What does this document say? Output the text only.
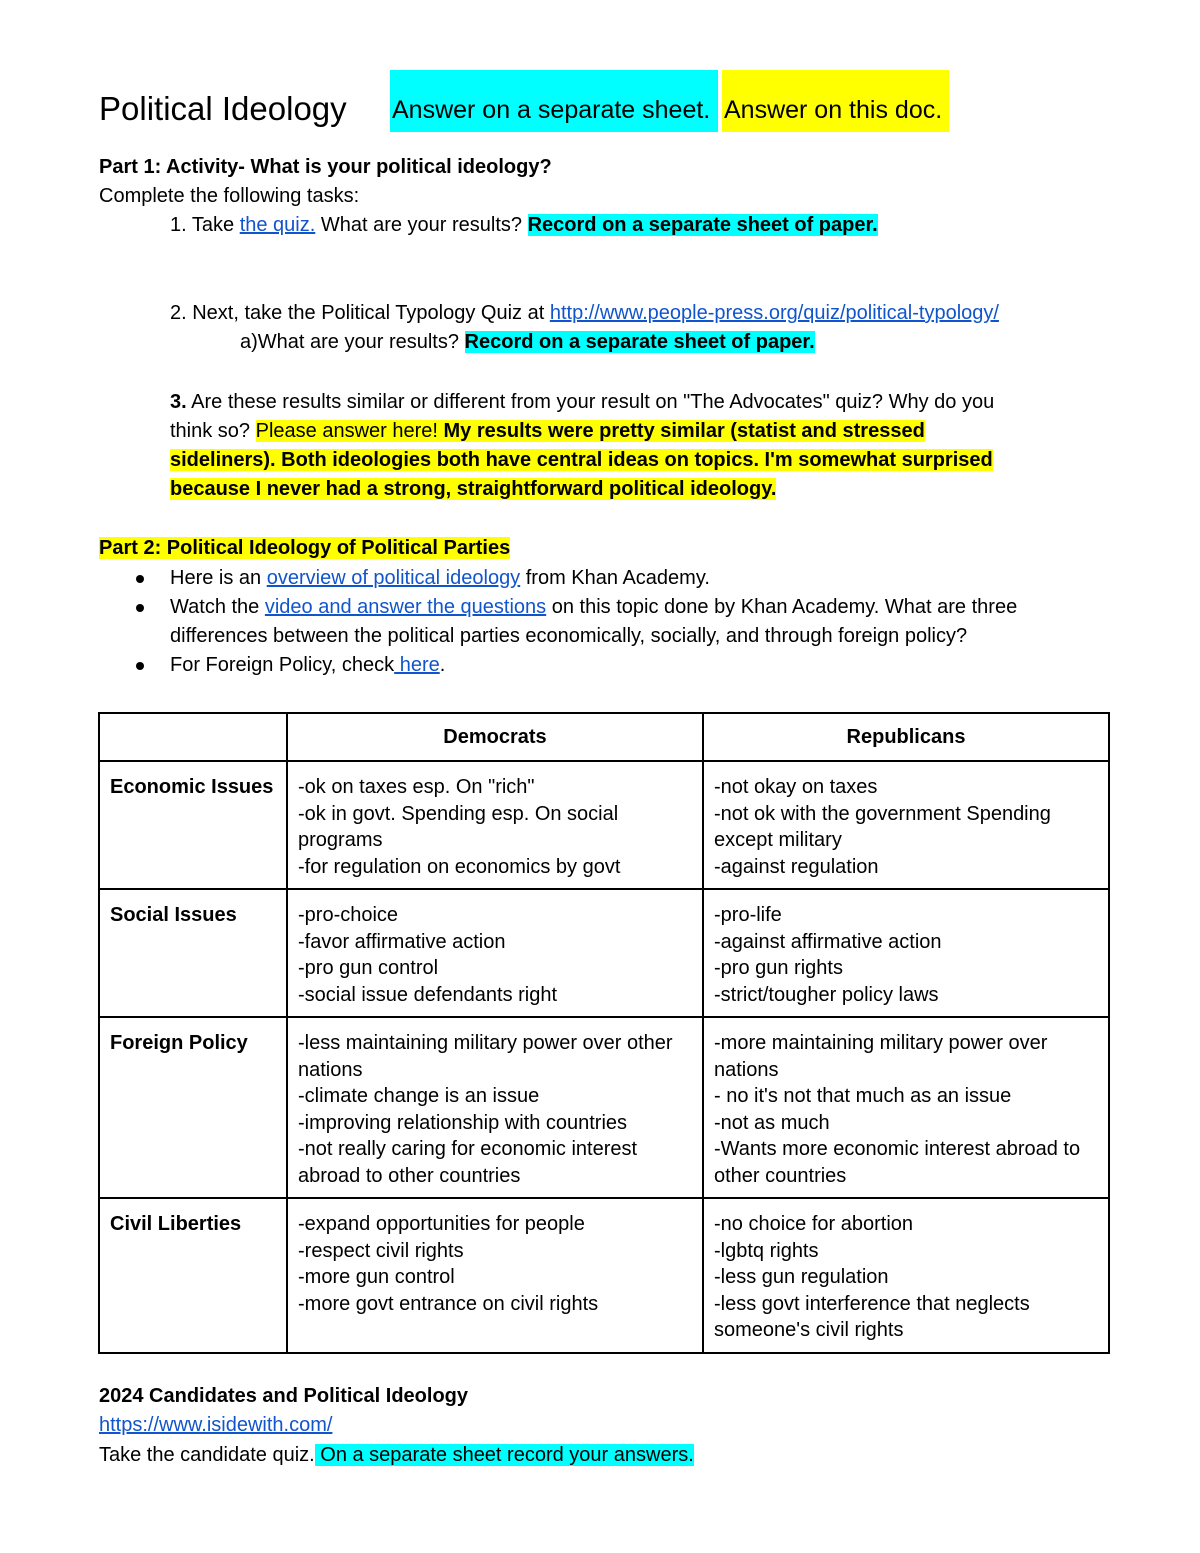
Political Ideology Answer on a separate sheet. Answer on this doc.
Part 1: Activity- What is your political ideology?
Complete the following tasks:
1. Take the quiz. What are your results? Record on a separate sheet of paper.
2. Next, take the Political Typology Quiz at http://www.people-press.org/quiz/political-typology/
a)What are your results? Record on a separate sheet of paper.
3. Are these results similar or different from your result on "The Advocates" quiz? Why do you
think so? Please answer here! My results were pretty similar (statist and stressed
sideliners). Both ideologies both have central ideas on topics. I'm somewhat surprised
because I never had a strong, straightforward political ideology.
Part 2: Political Ideology of Political Parties
Here is an overview of political ideology from Khan Academy.
Watch the video and answer the questions on this topic done by Khan Academy. What are three
differences between the political parties economically, socially, and through foreign policy?
For Foreign Policy, check here.
	Democrats	Republicans
Economic Issues	-ok on taxes esp. On "rich"
-ok in govt. Spending esp. On social programs
-for regulation on economics by govt	-not okay on taxes
-not ok with the government Spending except military
-against regulation

Social Issues	-pro-choice
-favor affirmative action
-pro gun control
-social issue defendants right	-pro-life
-against affirmative action
-pro gun rights
-strict/tougher policy laws

Foreign Policy	-less maintaining military power over other nations
-climate change is an issue
-improving relationship with countries
-not really caring for economic interest abroad to other countries	-more maintaining military power over nations
- no it's not that much as an issue
-not as much
-Wants more economic interest abroad to other countries

Civil Liberties	-expand opportunities for people
-respect civil rights
-more gun control
-more govt entrance on civil rights	-no choice for abortion
-lgbtq rights
-less gun regulation
-less govt interference that neglects someone's civil rights
2024 Candidates and Political Ideology
https://www.isidewith.com/
Take the candidate quiz. On a separate sheet record your answers.
